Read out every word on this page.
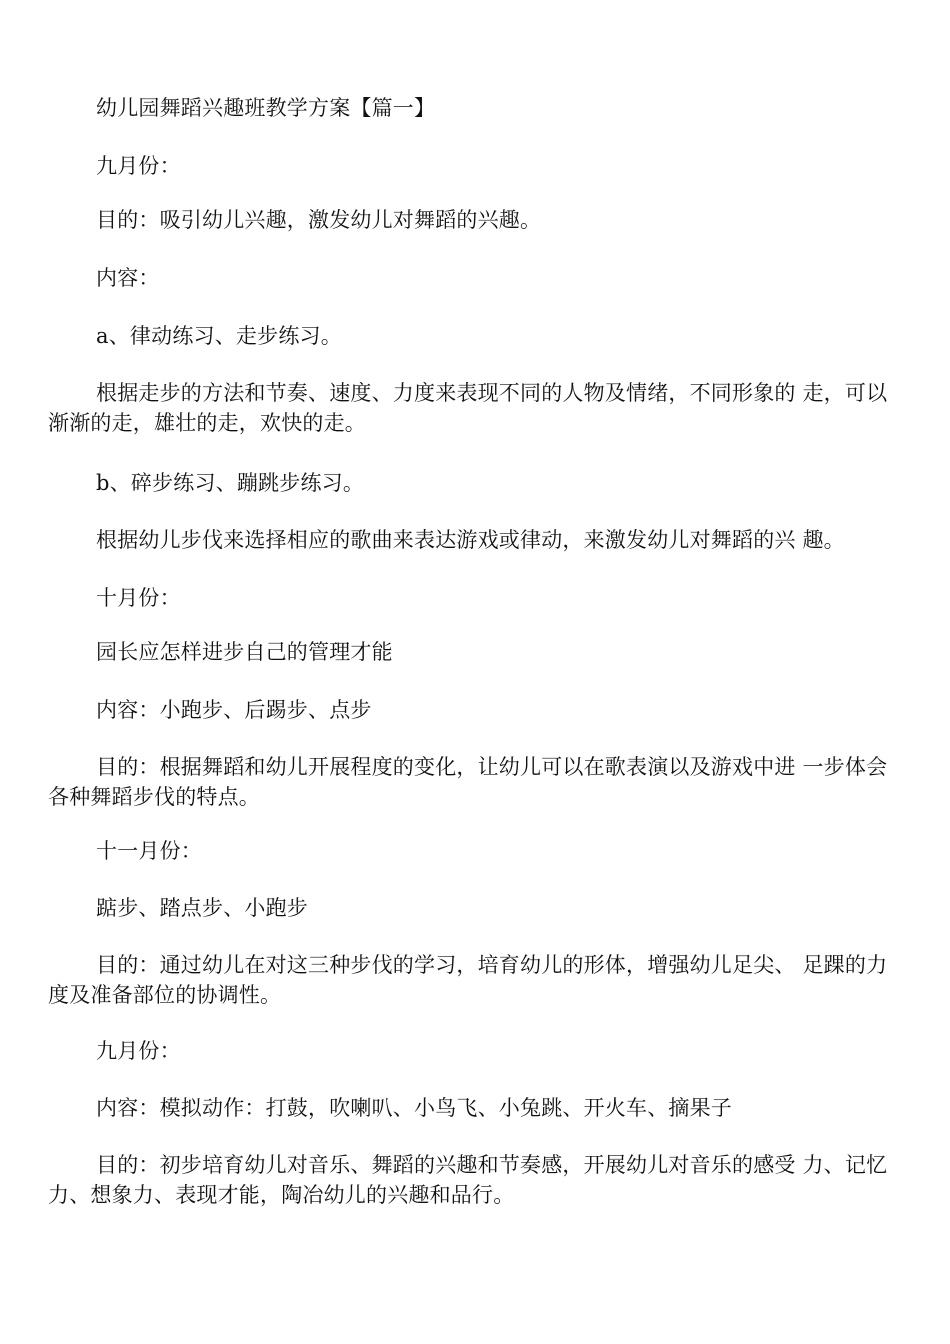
幼儿园舞蹈兴趣班教学方案【篇一】

九月份：

目的：吸引幼儿兴趣，激发幼儿对舞蹈的兴趣。

内容：

a、律动练习、走步练习。

根据走步的方法和节奏、速度、力度来表现不同的人物及情绪，不同形象的 走，可以渐渐的走，雄壮的走，欢快的走。

b、碎步练习、蹦跳步练习。

根据幼儿步伐来选择相应的歌曲来表达游戏或律动，来激发幼儿对舞蹈的兴 趣。

十月份：

园长应怎样进步自己的管理才能

内容：小跑步、后踢步、点步

目的：根据舞蹈和幼儿开展程度的变化，让幼儿可以在歌表演以及游戏中进 一步体会各种舞蹈步伐的特点。

十一月份：

踮步、踏点步、小跑步

目的：通过幼儿在对这三种步伐的学习，培育幼儿的形体，增强幼儿足尖、 足踝的力度及准备部位的协调性。

九月份：

内容：模拟动作：打鼓，吹喇叭、小鸟飞、小兔跳、开火车、摘果子

目的：初步培育幼儿对音乐、舞蹈的兴趣和节奏感，开展幼儿对音乐的感受 力、记忆力、想象力、表现才能，陶冶幼儿的兴趣和品行。
